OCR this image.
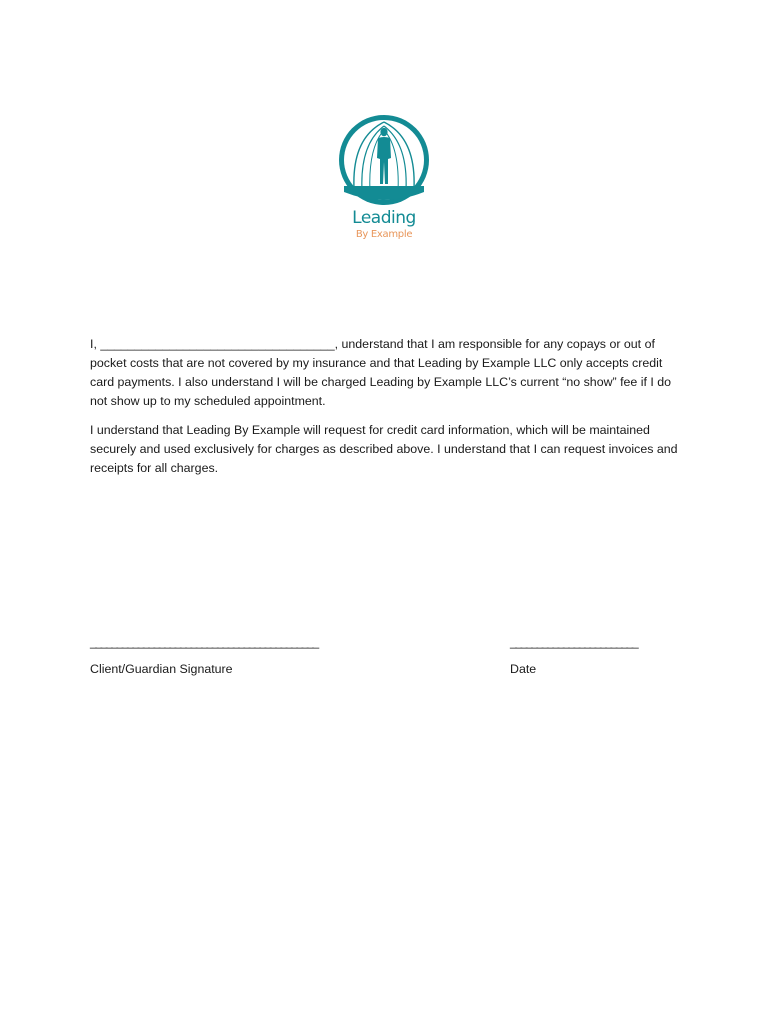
Leading
By Example

I, __________________________________, understand that I am responsible for any copays or out of pocket costs that are not covered by my insurance and that Leading by Example LLC only accepts credit card payments. I also understand I will be charged Leading by Example LLC’s current “no show” fee if I do not show up to my scheduled appointment.

I understand that Leading By Example will request for credit card information, which will be maintained securely and used exclusively for charges as described above. I understand that I can request invoices and receipts for all charges.

___________________________________________	________________________
Client/Guardian Signature	Date
